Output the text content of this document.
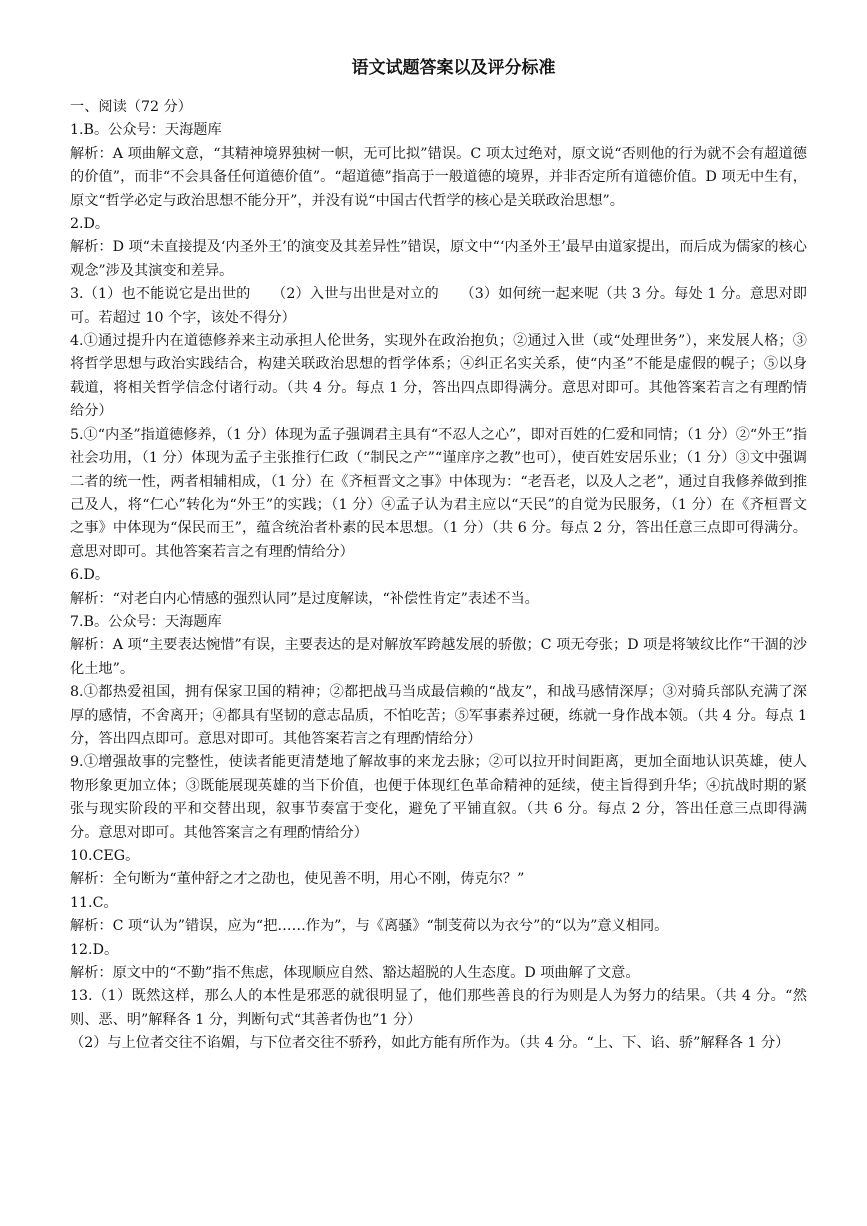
语文试题答案以及评分标准

一、阅读（72 分）

1.B。公众号：天海题库

解析：A 项曲解文意，“其精神境界独树一帜，无可比拟”错误。C 项太过绝对，原文说“否则他的行为就不会有超道德的价值”，而非“不会具备任何道德价值”。“超道德”指高于一般道德的境界，并非否定所有道德价值。D 项无中生有，原文“哲学必定与政治思想不能分开”，并没有说“中国古代哲学的核心是关联政治思想”。

2.D。

解析：D 项“未直接提及‘内圣外王’的演变及其差异性”错误，原文中“‘内圣外王’最早由道家提出，而后成为儒家的核心观念”涉及其演变和差异。

3.（1）也不能说它是出世的　　（2）入世与出世是对立的　　（3）如何统一起来呢（共 3 分。每处 1 分。意思对即可。若超过 10 个字，该处不得分）

4.①通过提升内在道德修养来主动承担人伦世务，实现外在政治抱负；②通过入世（或“处理世务”），来发展人格；③将哲学思想与政治实践结合，构建关联政治思想的哲学体系；④纠正名实关系，使“内圣”不能是虚假的幌子；⑤以身载道，将相关哲学信念付诸行动。（共 4 分。每点 1 分，答出四点即得满分。意思对即可。其他答案若言之有理酌情给分）

5.①“内圣”指道德修养，（1 分）体现为孟子强调君主具有“不忍人之心”，即对百姓的仁爱和同情；（1 分）②“外王”指社会功用，（1 分）体现为孟子主张推行仁政（“制民之产”“谨庠序之教”也可），使百姓安居乐业；（1 分）③文中强调二者的统一性，两者相辅相成，（1 分）在《齐桓晋文之事》中体现为：“老吾老，以及人之老”，通过自我修养做到推己及人，将“仁心”转化为“外王”的实践；（1 分）④孟子认为君主应以“天民”的自觉为民服务，（1 分）在《齐桓晋文之事》中体现为“保民而王”，蕴含统治者朴素的民本思想。（1 分）（共 6 分。每点 2 分，答出任意三点即可得满分。意思对即可。其他答案若言之有理酌情给分）

6.D。

解析：“对老白内心情感的强烈认同”是过度解读，“补偿性肯定”表述不当。

7.B。公众号：天海题库

解析：A 项“主要表达惋惜”有误，主要表达的是对解放军跨越发展的骄傲；C 项无夸张；D 项是将皱纹比作“干涸的沙化土地”。

8.①都热爱祖国，拥有保家卫国的精神；②都把战马当成最信赖的“战友”，和战马感情深厚；③对骑兵部队充满了深厚的感情，不舍离开；④都具有坚韧的意志品质，不怕吃苦；⑤军事素养过硬，练就一身作战本领。（共 4 分。每点 1 分，答出四点即可。意思对即可。其他答案若言之有理酌情给分）

9.①增强故事的完整性，使读者能更清楚地了解故事的来龙去脉；②可以拉开时间距离，更加全面地认识英雄，使人物形象更加立体；③既能展现英雄的当下价值，也便于体现红色革命精神的延续，使主旨得到升华；④抗战时期的紧张与现实阶段的平和交替出现，叙事节奏富于变化，避免了平铺直叙。（共 6 分。每点 2 分，答出任意三点即得满分。意思对即可。其他答案言之有理酌情给分）

10.CEG。

解析：全句断为“董仲舒之才之劭也，使见善不明，用心不刚，俦克尔？”

11.C。

解析：C 项“认为”错误，应为“把……作为”，与《离骚》“制芰荷以为衣兮”的“以为”意义相同。

12.D。

解析：原文中的“不勤”指不焦虑，体现顺应自然、豁达超脱的人生态度。D 项曲解了文意。

13.（1）既然这样，那么人的本性是邪恶的就很明显了，他们那些善良的行为则是人为努力的结果。（共 4 分。“然则、恶、明”解释各 1 分，判断句式“其善者伪也”1 分）

（2）与上位者交往不谄媚，与下位者交往不骄矜，如此方能有所作为。（共 4 分。“上、下、谄、骄”解释各 1 分）
